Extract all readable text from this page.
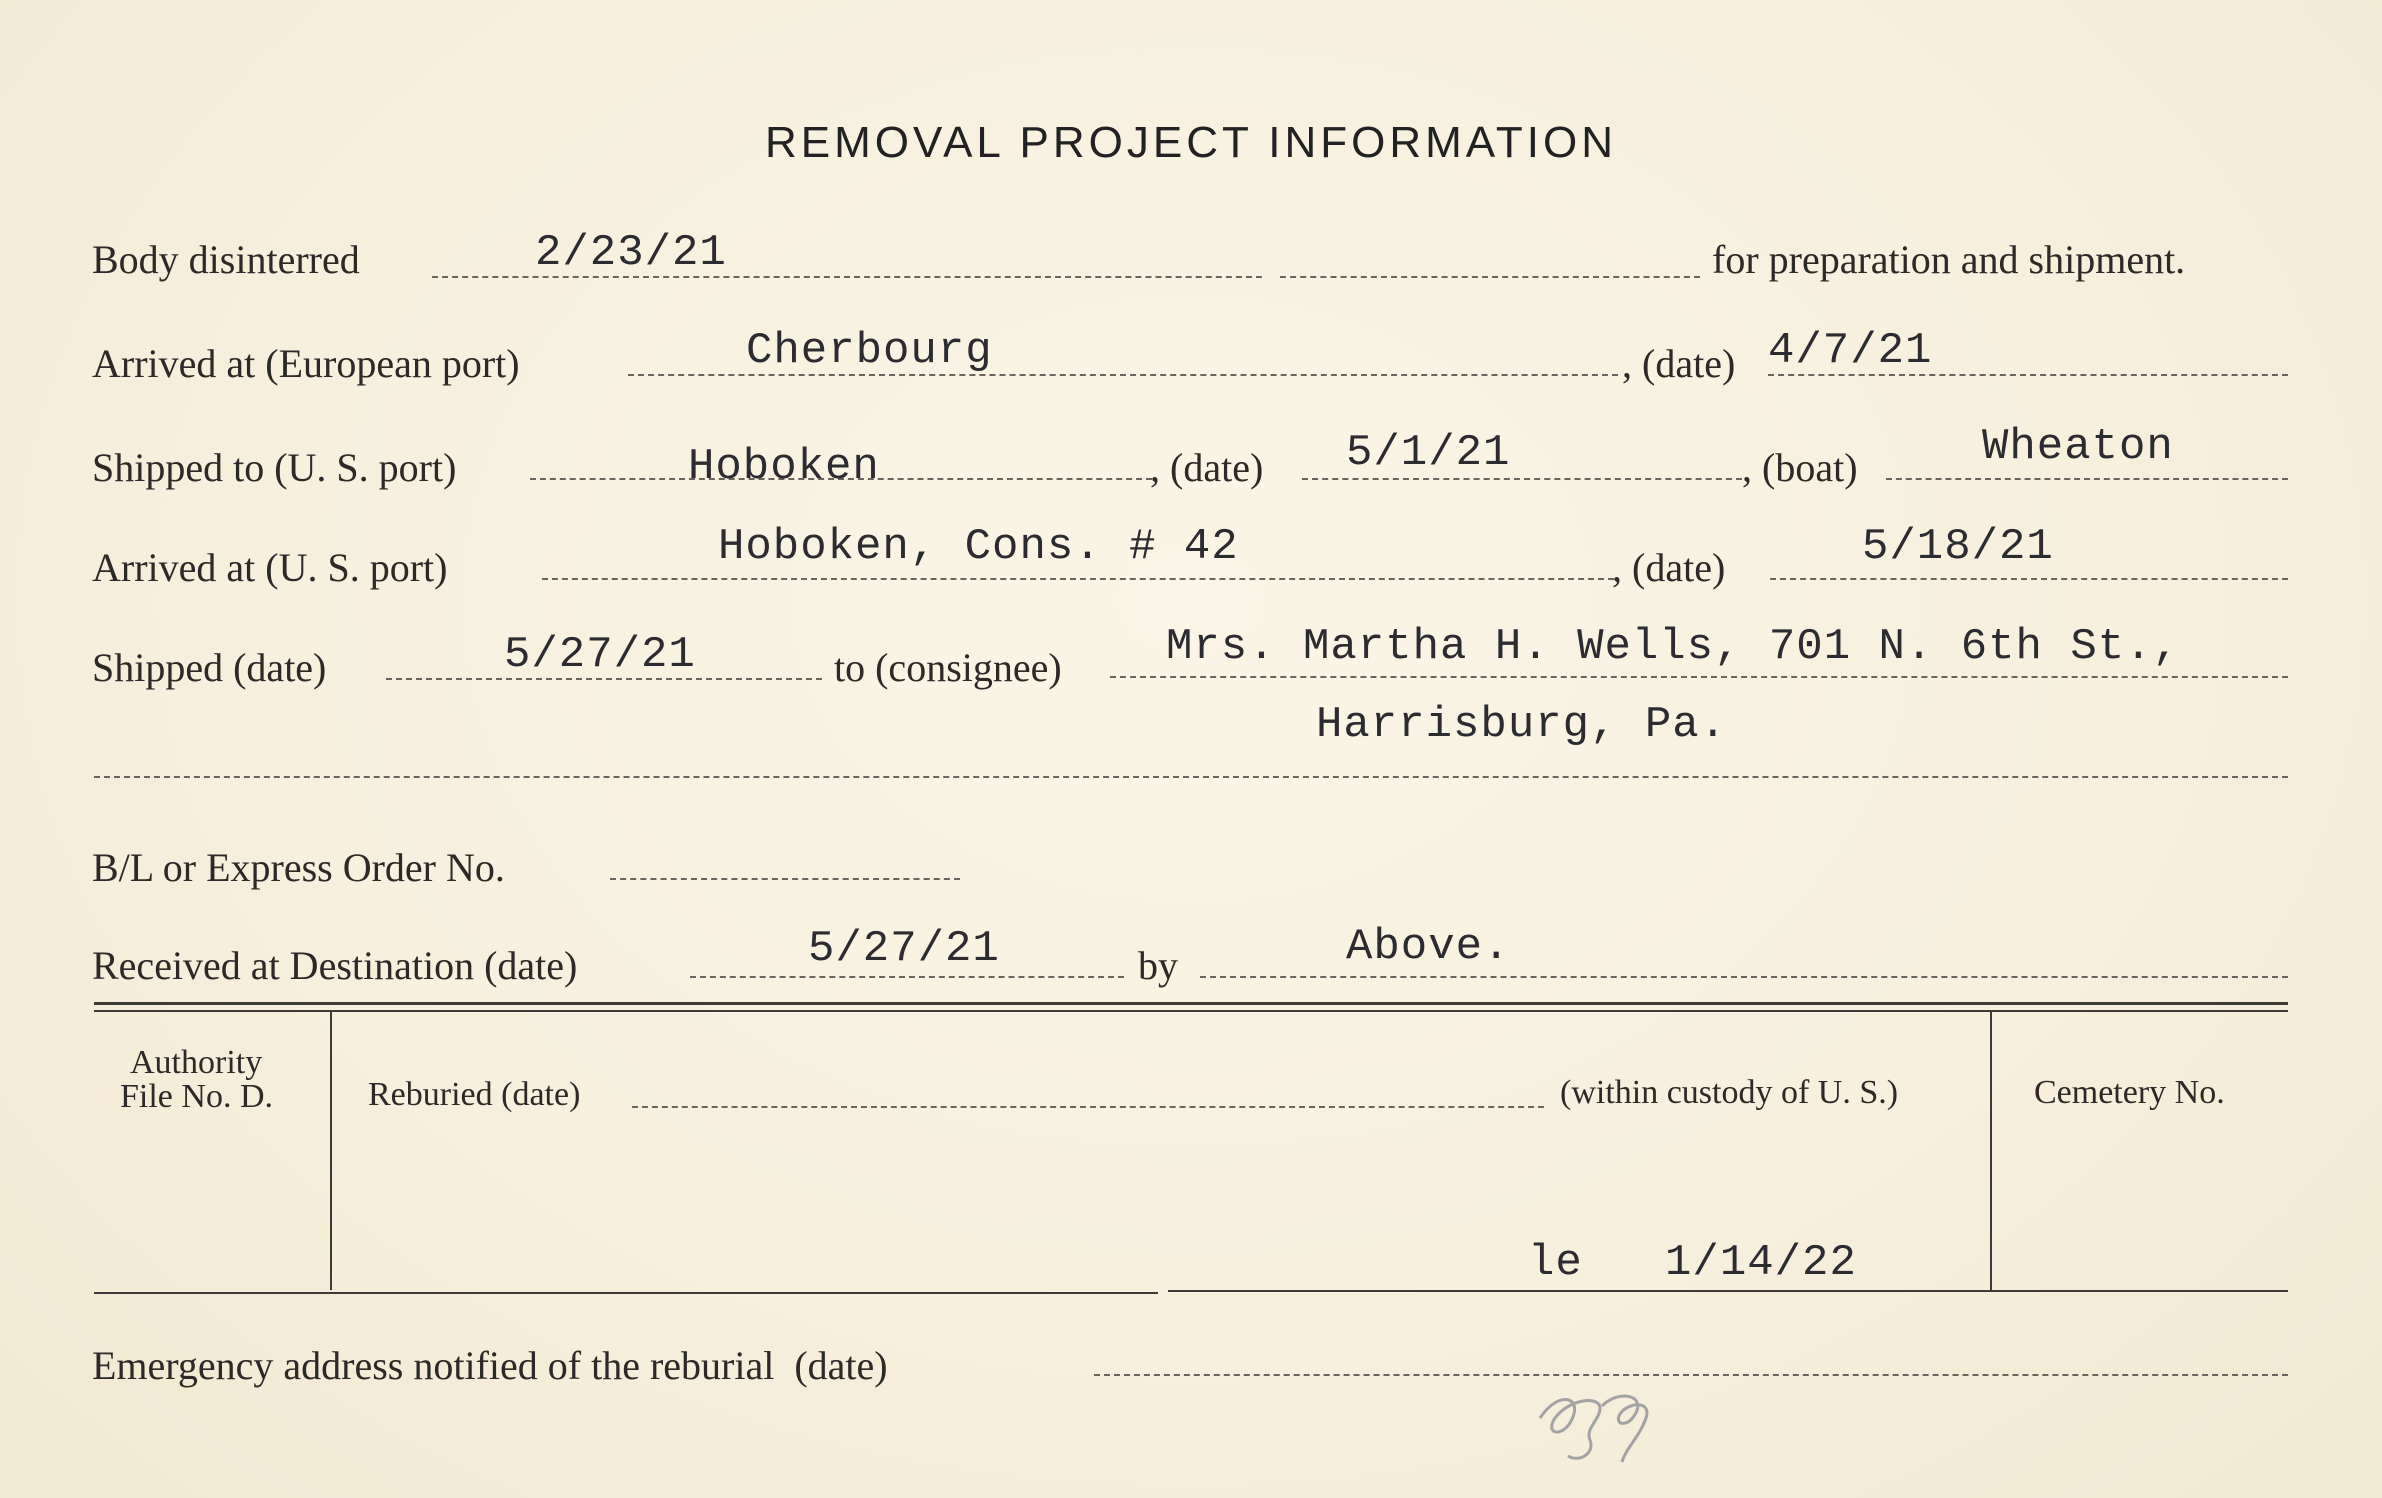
REMOVAL PROJECT INFORMATION
Body disinterred	2/23/21	for preparation and shipment.
Arrived at (European port)	Cherbourg	, (date) 4/7/21
Shipped to (U. S. port)	Hoboken	, (date) 5/1/21	, (boat)	Wheaton
Arrived at (U. S. port)	Hoboken, Cons. # 42	, (date)	5/18/21
Shipped (date)	5/27/21	to (consignee) Mrs. Martha H. Wells, 701 N. 6th St.,
Harrisburg, Pa.
B/L or Express Order No.
Received at Destination (date)	5/27/21	by	Above.
Authority
File No. D.	Reburied (date)	(within custody of U. S.)	Cemetery No.
le   1/14/22
Emergency address notified of the reburial  (date)
